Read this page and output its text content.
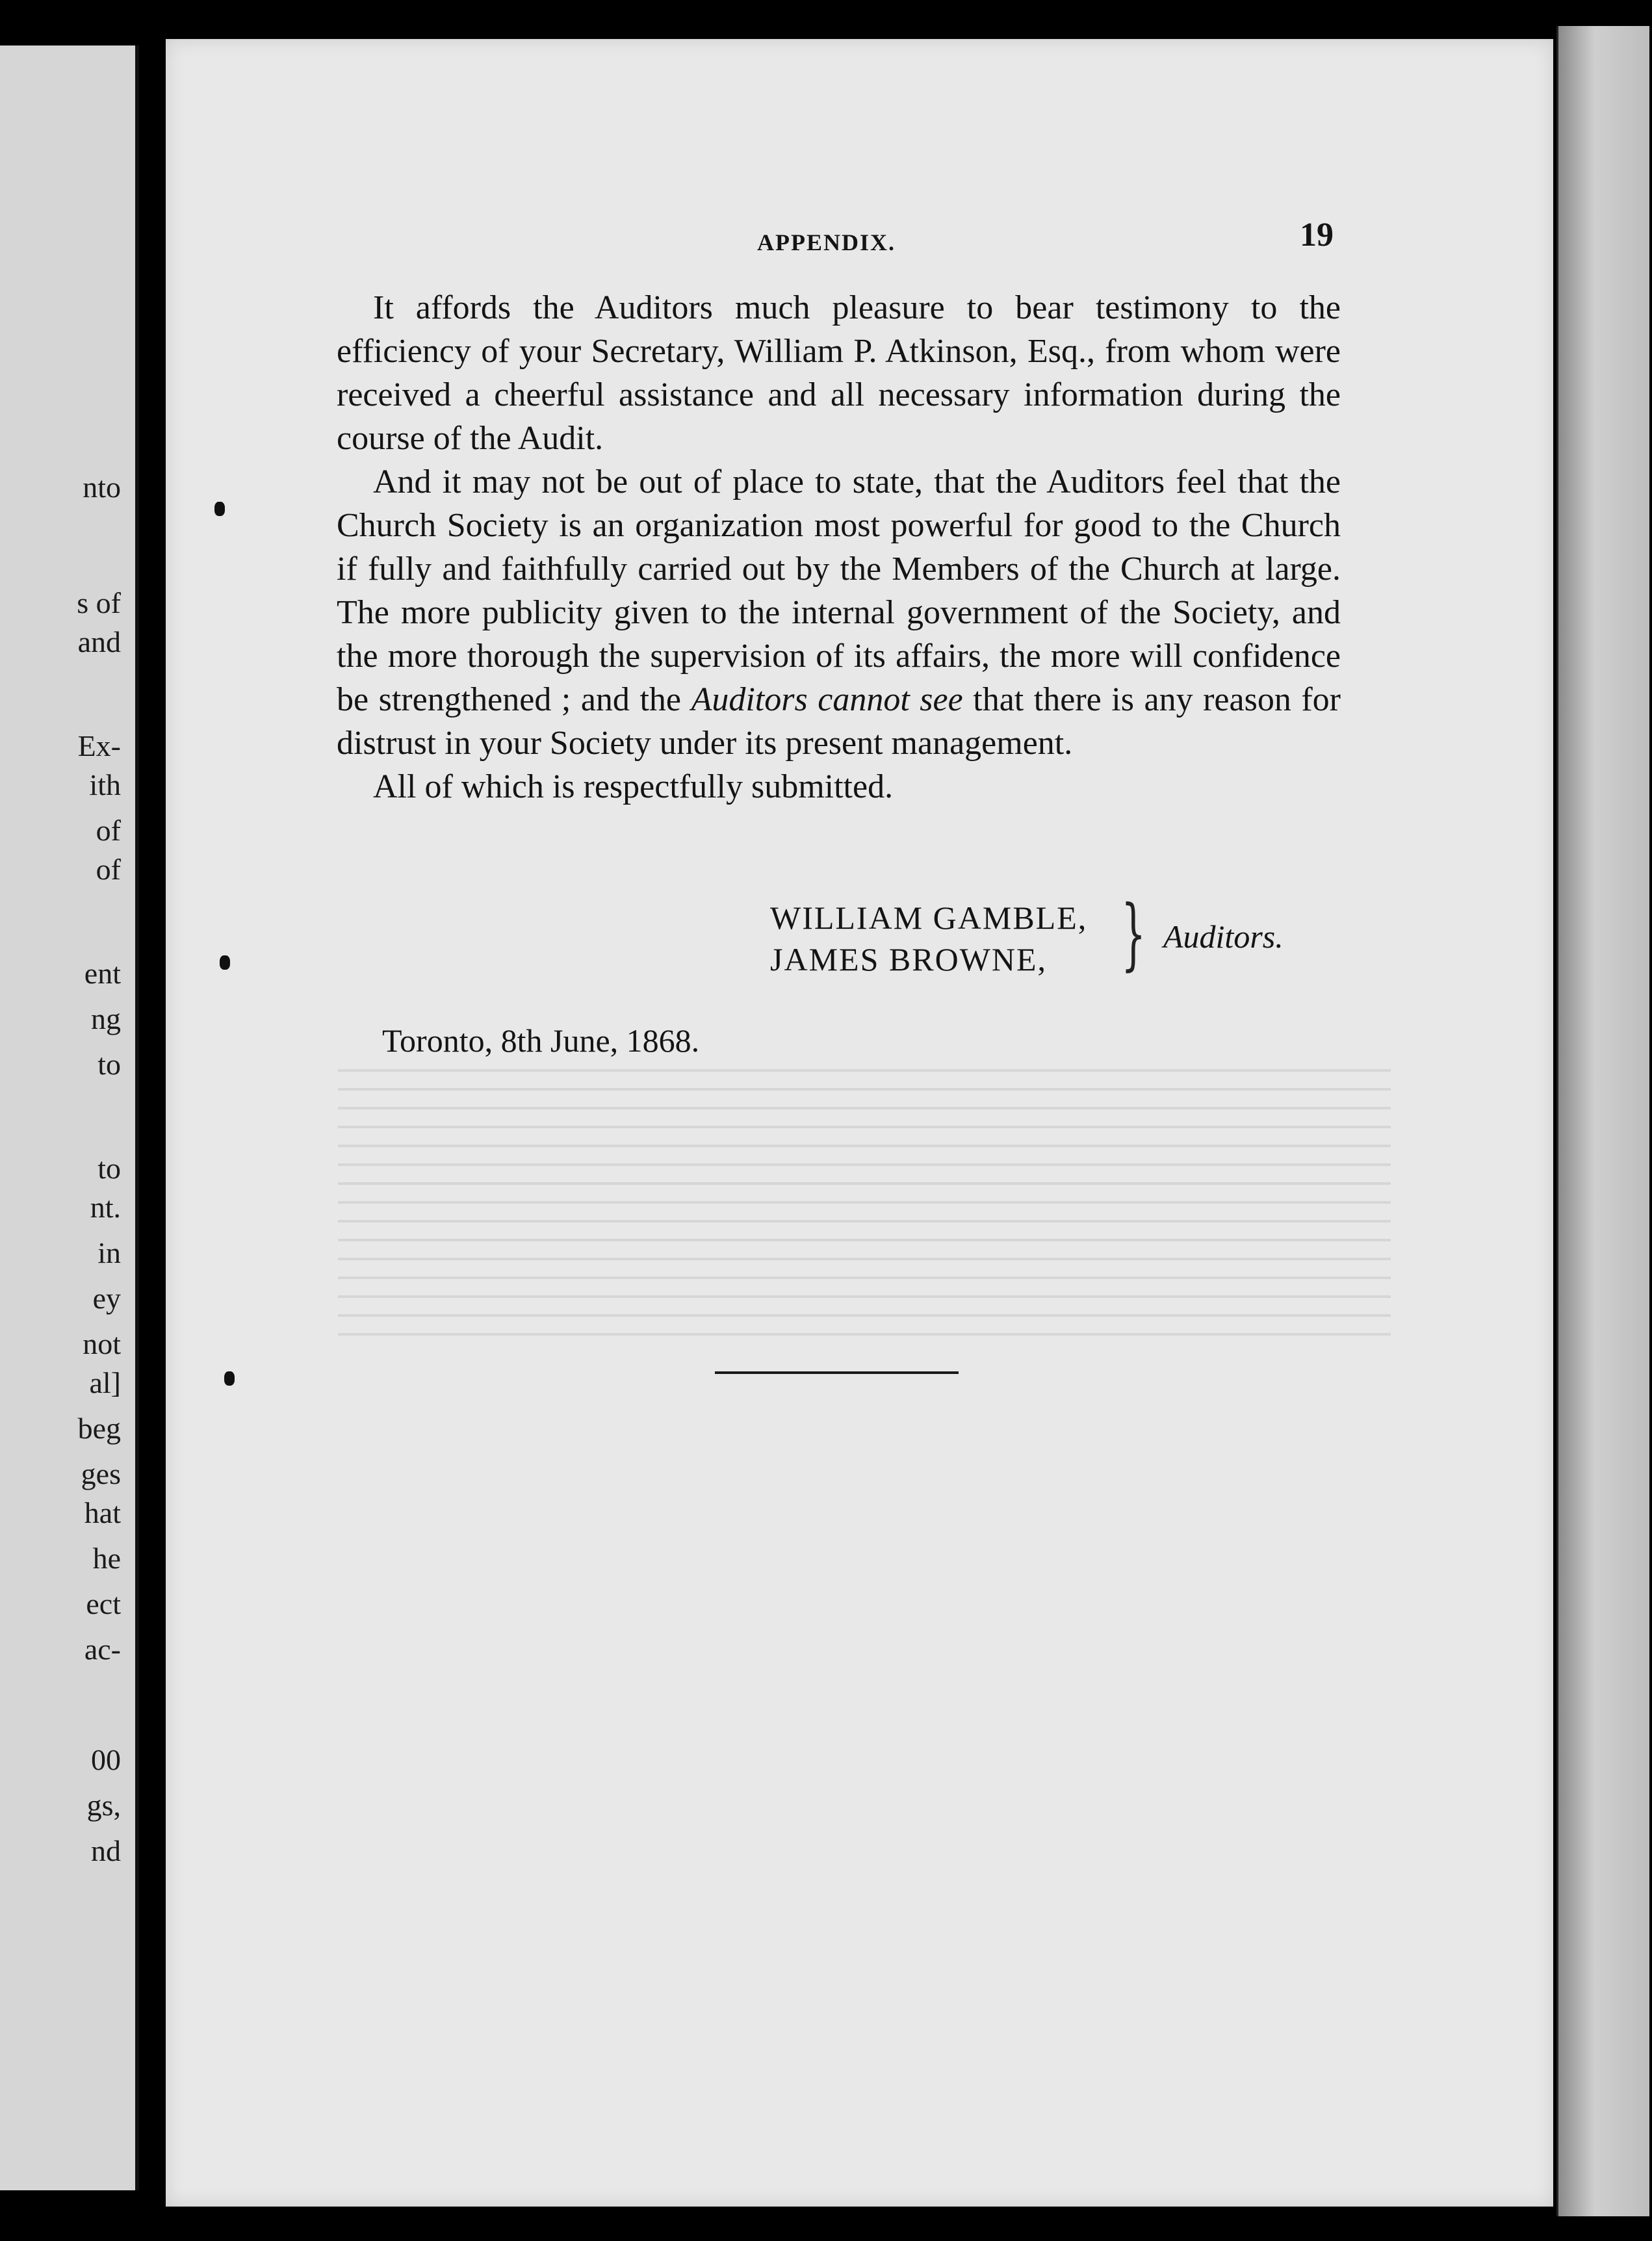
nto
s of
and
Ex-
ith
of
of
ent
ng
to
to
nt.
in
ey
not
al]
beg
ges
hat
he
ect
ac-
00
gs,
nd
APPENDIX.	19

It affords the Auditors much pleasure to bear testimony to the efficiency of your Secretary, William P. Atkinson, Esq., from whom were received a cheerful assistance and all necessary information during the course of the Audit.

And it may not be out of place to state, that the Auditors feel that the Church Society is an organization most powerful for good to the Church if fully and faithfully carried out by the Members of the Church at large. The more publicity given to the internal government of the Society, and the more thorough the supervision of its affairs, the more will confidence be strengthened ; and the Auditors cannot see that there is any reason for distrust in your Society under its present management.

All of which is respectfully submitted.

WILLIAM GAMBLE,
JAMES BROWNE, } Auditors.
Toronto, 8th June, 1868.
